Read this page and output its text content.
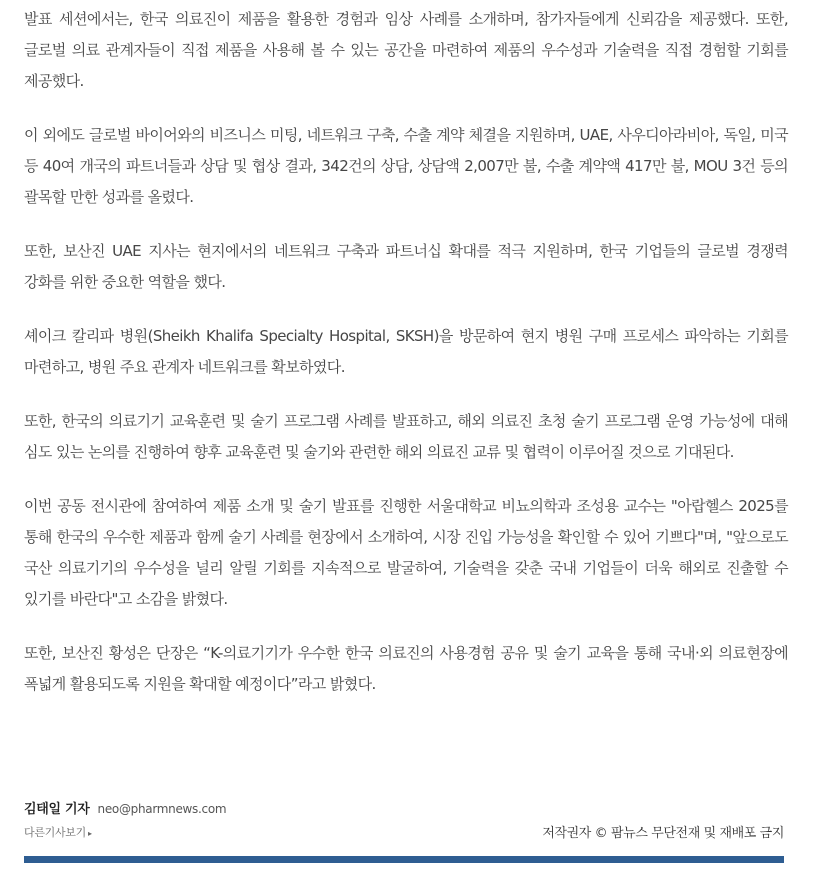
발표 세션에서는, 한국 의료진이 제품을 활용한 경험과 임상 사례를 소개하며, 참가자들에게 신뢰감을 제공했다. 또한, 글로벌 의료 관계자들이 직접 제품을 사용해 볼 수 있는 공간을 마련하여 제품의 우수성과 기술력을 직접 경험할 기회를 제공했다.

이 외에도 글로벌 바이어와의 비즈니스 미팅, 네트워크 구축, 수출 계약 체결을 지원하며, UAE, 사우디아라비아, 독일, 미국 등 40여 개국의 파트너들과 상담 및 협상 결과, 342건의 상담, 상담액 2,007만 불, 수출 계약액 417만 불, MOU 3건 등의 괄목할 만한 성과를 올렸다.

또한, 보산진 UAE 지사는 현지에서의 네트워크 구축과 파트너십 확대를 적극 지원하며, 한국 기업들의 글로벌 경쟁력 강화를 위한 중요한 역할을 했다.

셰이크 칼리파 병원(Sheikh Khalifa Specialty Hospital, SKSH)을 방문하여 현지 병원 구매 프로세스 파악하는 기회를 마련하고, 병원 주요 관계자 네트워크를 확보하였다.

또한, 한국의 의료기기 교육훈련 및 술기 프로그램 사례를 발표하고, 해외 의료진 초청 술기 프로그램 운영 가능성에 대해 심도 있는 논의를 진행하여 향후 교육훈련 및 술기와 관련한 해외 의료진 교류 및 협력이 이루어질 것으로 기대된다.

이번 공동 전시관에 참여하여 제품 소개 및 술기 발표를 진행한 서울대학교 비뇨의학과 조성용 교수는 "아랍헬스 2025를 통해 한국의 우수한 제품과 함께 술기 사례를 현장에서 소개하여, 시장 진입 가능성을 확인할 수 있어 기쁘다"며, "앞으로도 국산 의료기기의 우수성을 널리 알릴 기회를 지속적으로 발굴하여, 기술력을 갖춘 국내 기업들이 더욱 해외로 진출할 수 있기를 바란다"고 소감을 밝혔다.

또한, 보산진 황성은 단장은 “K-의료기기가 우수한 한국 의료진의 사용경험 공유 및 술기 교육을 통해 국내·외 의료현장에 폭넓게 활용되도록 지원을 확대할 예정이다”라고 밝혔다.

김태일 기자 neo@pharmnews.com
다른기사보기 ▸	저작권자 © 팜뉴스 무단전재 및 재배포 금지
